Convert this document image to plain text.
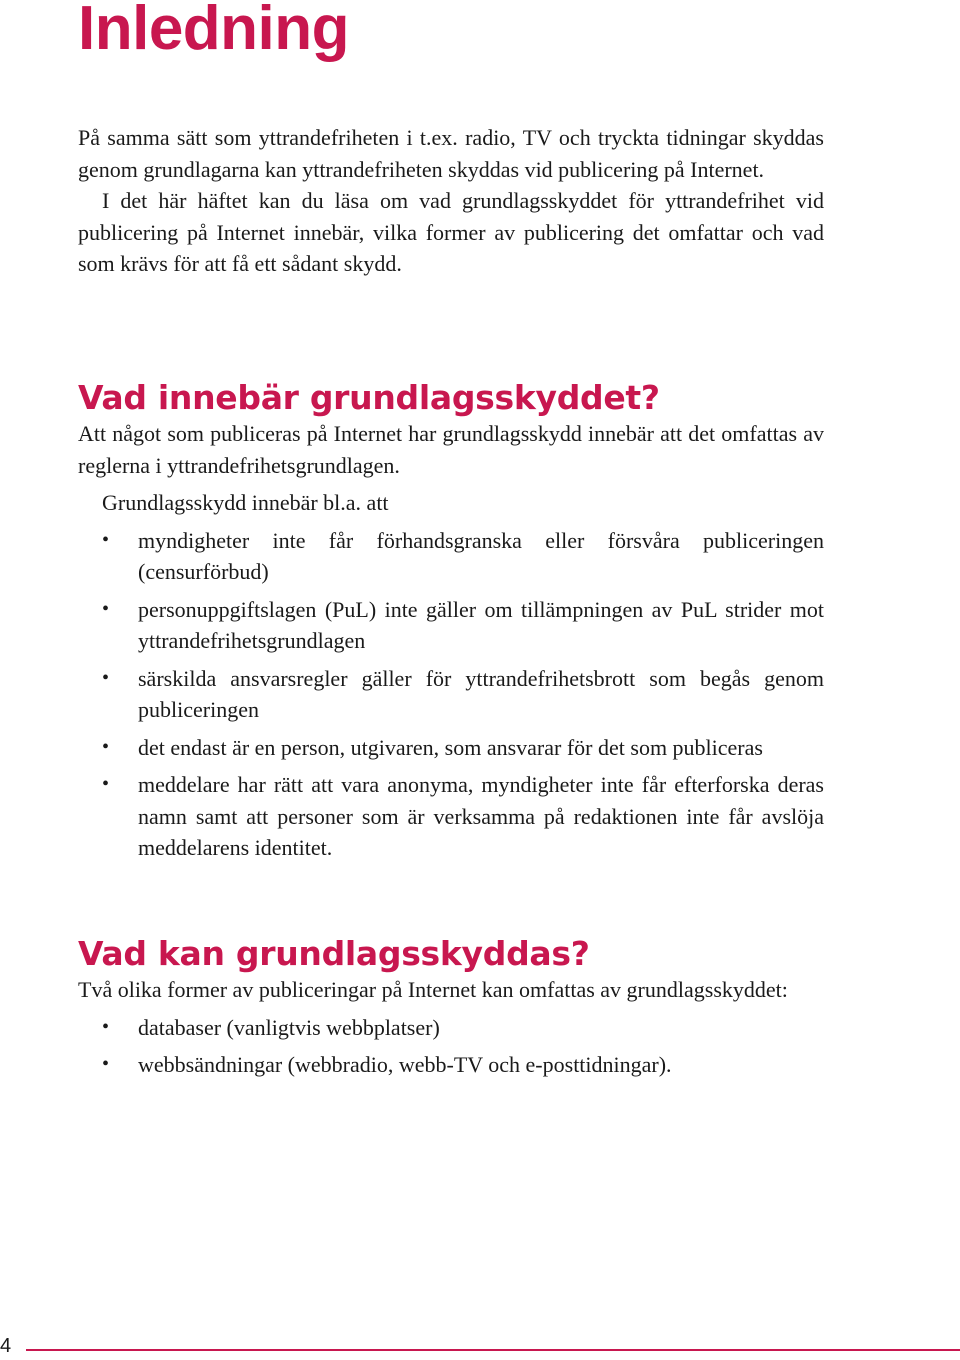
Inledning

På samma sätt som yttrandefriheten i t.ex. radio, TV och tryckta tidningar skyddas genom grundlagarna kan yttrandefriheten skyddas vid publicering på Internet.

I det här häftet kan du läsa om vad grundlagsskyddet för yttrandefrihet vid publicering på Internet innebär, vilka former av publicering det omfattar och vad som krävs för att få ett sådant skydd.

Vad innebär grundlagsskyddet?

Att något som publiceras på Internet har grundlagsskydd innebär att det omfattas av reglerna i yttrandefrihetsgrundlagen.

Grundlagsskydd innebär bl.a. att

• myndigheter inte får förhandsgranska eller försvåra publiceringen (censurförbud)
• personuppgiftslagen (PuL) inte gäller om tillämpningen av PuL strider mot yttrandefrihetsgrundlagen
• särskilda ansvarsregler gäller för yttrandefrihetsbrott som begås genom publiceringen
• det endast är en person, utgivaren, som ansvarar för det som publiceras
• meddelare har rätt att vara anonyma, myndigheter inte får efterforska deras namn samt att personer som är verksamma på redaktionen inte får avslöja meddelarens identitet.
Vad kan grundlagsskyddas?

Två olika former av publiceringar på Internet kan omfattas av grundlagsskyddet:

• databaser (vanligtvis webbplatser)
• webbsändningar (webbradio, webb-TV och e-posttidningar).
4
